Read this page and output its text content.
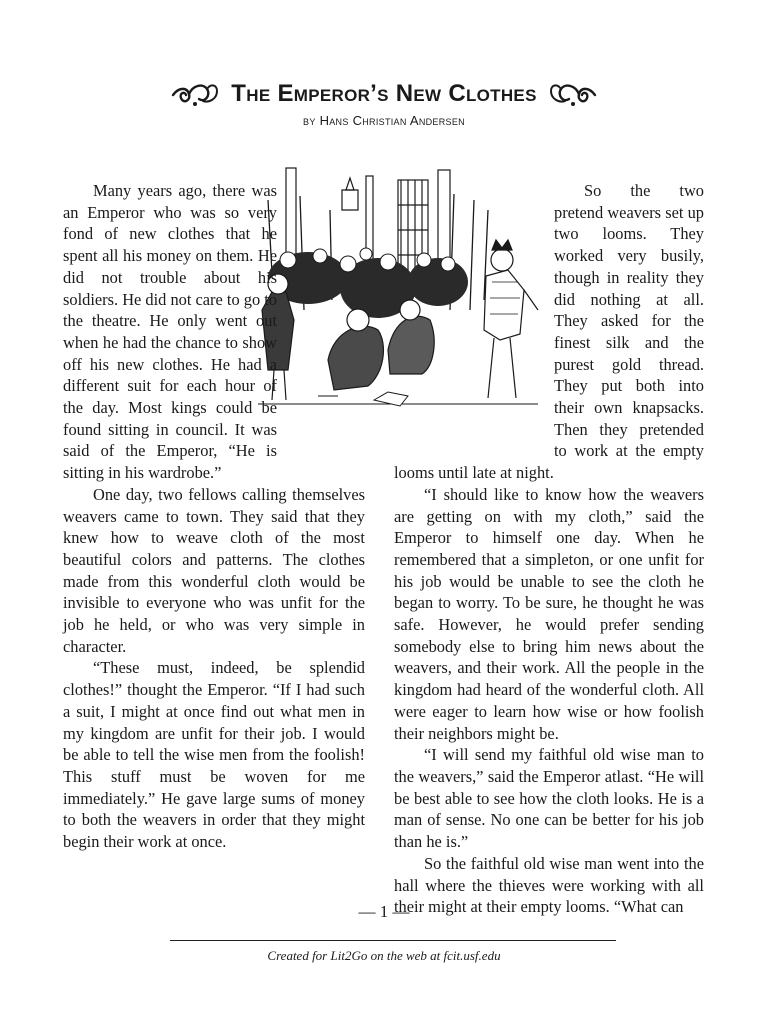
The Emperor’s New Clothes
by Hans Christian Andersen

Many years ago, there was an Emperor who was so very fond of new clothes that he spent all his money on them. He did not trouble about his soldiers. He did not care to go to the theatre. He only went out when he had the chance to show off his new clothes. He had a different suit for each hour of the day. Most kings could be found sitting in council. It was said of the Emperor, “He is sitting in his wardrobe.”

One day, two fellows calling themselves weavers came to town. They said that they knew how to weave cloth of the most beautiful colors and patterns. The clothes made from this wonderful cloth would be invisible to everyone who was unfit for the job he held, or who was very simple in character.

“These must, indeed, be splendid clothes!” thought the Emperor. “If I had such a suit, I might at once find out what men in my kingdom are unfit for their job. I would be able to tell the wise men from the foolish! This stuff must be woven for me immediately.” He gave large sums of money to both the weavers in order that they might begin their work at once.

So the two pretend weavers set up two looms. They worked very busily, though in reality they did nothing at all. They asked for the finest silk and the purest gold thread. They put both into their own knapsacks. Then they pretended to work at the empty looms until late at night.

“I should like to know how the weavers are getting on with my cloth,” said the Emperor to himself one day. When he remembered that a simpleton, or one unfit for his job would be unable to see the cloth he began to worry. To be sure, he thought he was safe. However, he would prefer sending somebody else to bring him news about the weavers, and their work. All the people in the kingdom had heard of the wonderful cloth. All were eager to learn how wise or how foolish their neighbors might be.

“I will send my faithful old wise man to the weavers,” said the Emperor atlast. “He will be best able to see how the cloth looks. He is a man of sense. No one can be better for his job than he is.”

So the faithful old wise man went into the hall where the thieves were working with all their might at their empty looms. “What can

— 1 —
Created for Lit2Go on the web at fcit.usf.edu
